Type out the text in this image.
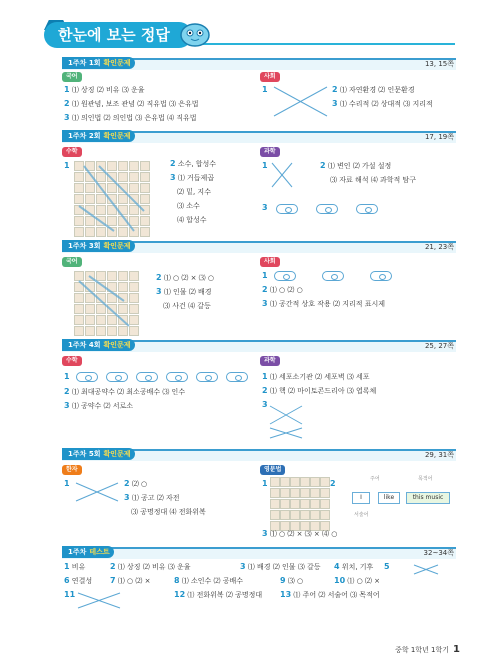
한눈에 보는 정답
1주차 1회 확인문제	13, 15쪽
국어
1 ⑴ 상징 ⑵ 비유 ⑶ 운율
2 ⑴ 원관념, 보조 관념 ⑵ 직유법 ⑶ 은유법
3 ⑴ 의인법 ⑵ 의인법 ⑶ 은유법 ⑷ 직유법
사회
1	2 ⑴ 자연환경 ⑵ 인문환경
3 ⑴ 수리적 ⑵ 상대적 ⑶ 지리적
1주차 2회 확인문제	17, 19쪽
수학
1	2 소수, 합성수
3 ⑴ 거듭제곱
⑵ 밑, 지수
⑶ 소수
⑷ 합성수
과학
1	2 ⑴ 변인 ⑵ 가설 설정
⑶ 자료 해석 ⑷ 과학적 탐구
3
1주차 3회 확인문제	21, 23쪽
국어
2 ⑴ ○ ⑵ × ⑶ ○
3 ⑴ 인물 ⑵ 배경
⑶ 사건 ⑷ 갈등
사회
1
2 ⑴ ○ ⑵ ○
3 ⑴ 공간적 상호 작용 ⑵ 지리적 표시제
1주차 4회 확인문제	25, 27쪽
수학
1
2 ⑴ 최대공약수 ⑵ 최소공배수 ⑶ 인수
3 ⑴ 공약수 ⑵ 서로소
과학
1 ⑴ 세포소기관 ⑵ 세포벽 ⑶ 세포
2 ⑴ 핵 ⑵ 마이토콘드리아 ⑶ 엽록체
3
1주차 5회 확인문제	29, 31쪽
한자
1	2 ⑵ ○
3 ⑴ 공고 ⑵ 자전
⑶ 공명정대 ⑷ 전화위복
영문법
1	2	주어	목적어
I	like	this music
서술어
3 ⑴ ○ ⑵ × ⑶ × ⑷ ○
1주차 테스트	32~34쪽
1 비유	2 ⑴ 상징 ⑵ 비유 ⑶ 운율	3 ⑴ 배경 ⑵ 인물 ⑶ 갈등 4 위치, 기후 5
6 연결성 7 ⑴ ○ ⑵ ×	8 ⑴ 소인수 ⑵ 공배수	9 ⑶ ○	10 ⑴ ○ ⑵ ×
11	12 ⑴ 전화위복 ⑵ 공명정대 13 ⑴ 주어 ⑵ 서술어 ⑶ 목적어
중학 1학년 1학기 1
